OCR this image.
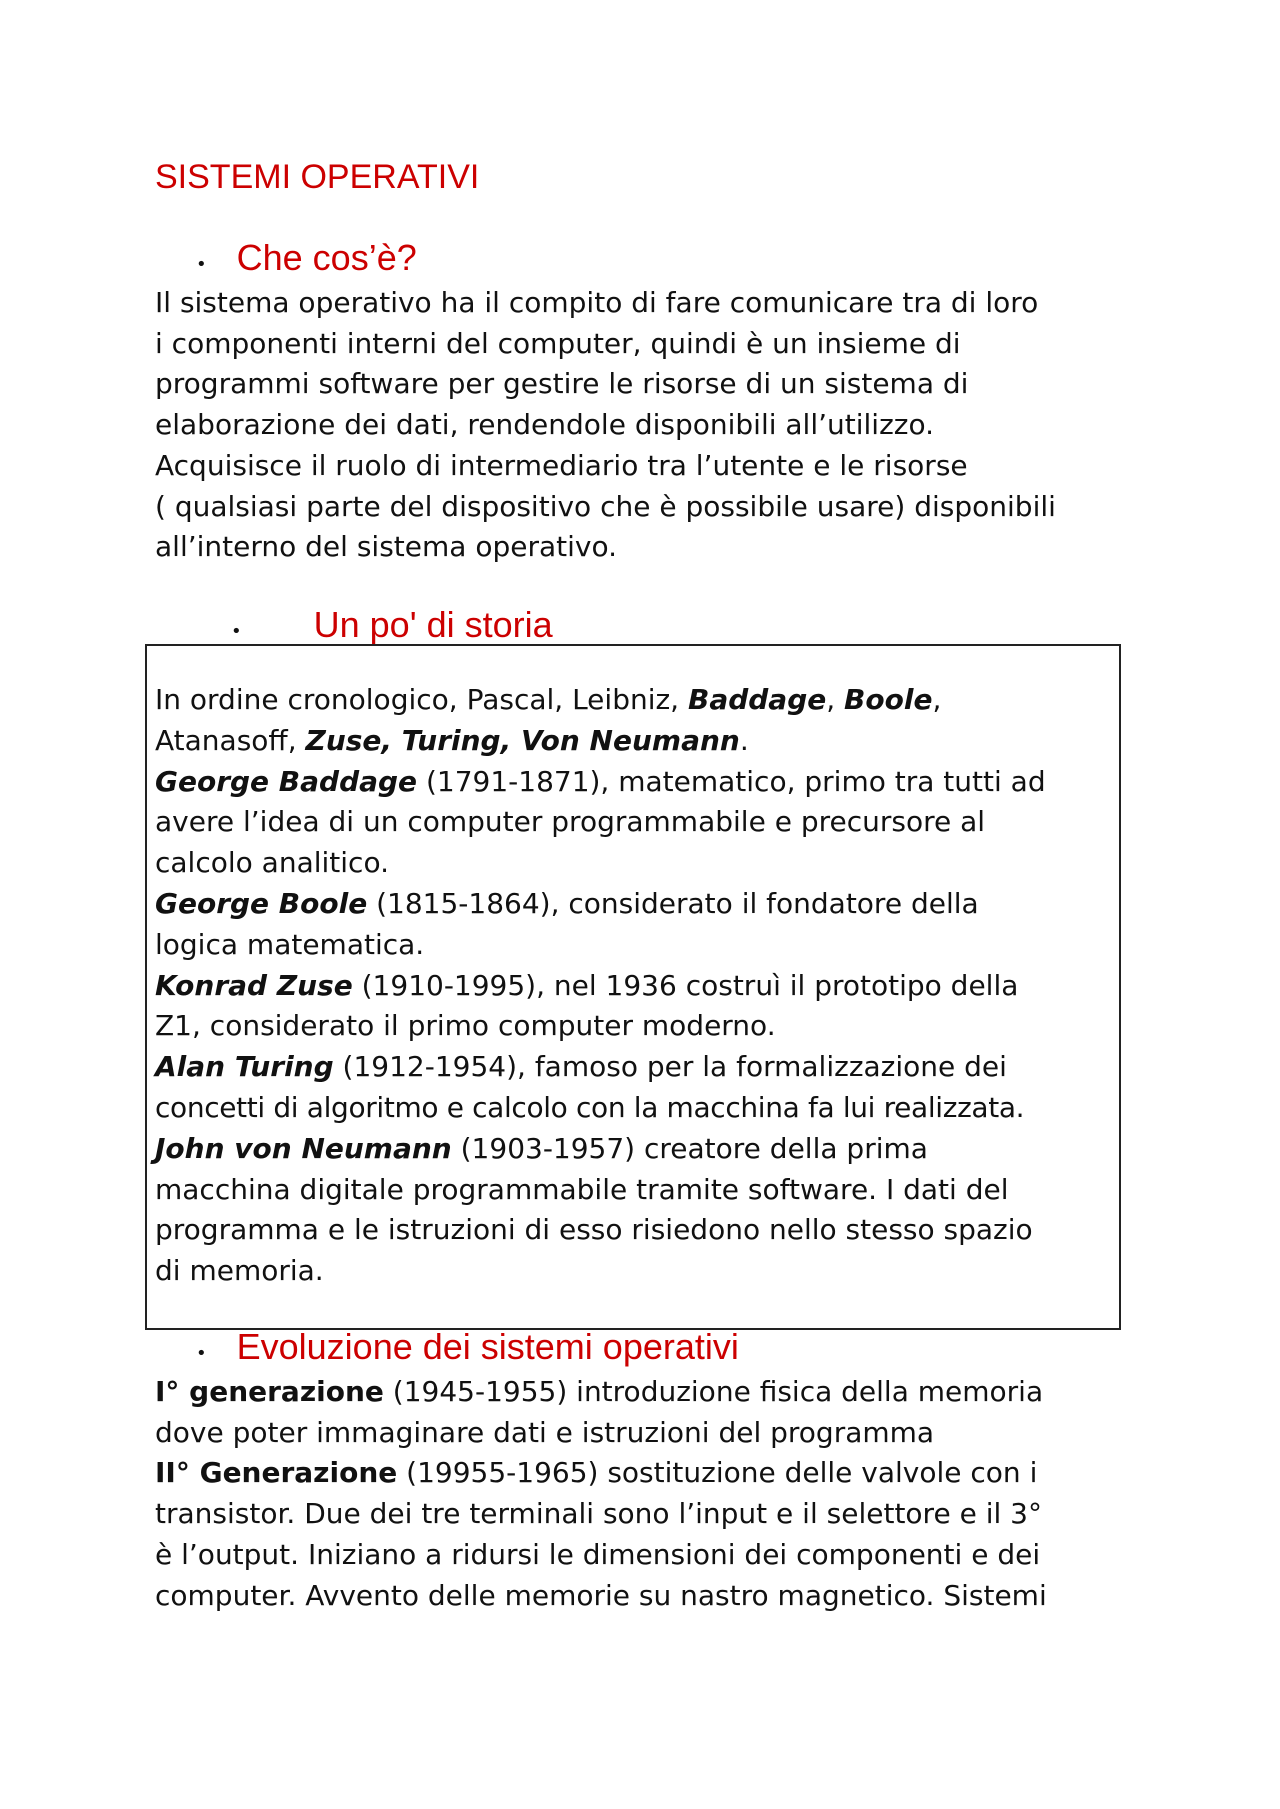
SISTEMI OPERATIVI
• Che cos’è?
Il sistema operativo ha il compito di fare comunicare tra di loro
i componenti interni del computer, quindi è un insieme di
programmi software per gestire le risorse di un sistema di
elaborazione dei dati, rendendole disponibili all’utilizzo.
Acquisisce il ruolo di intermediario tra l’utente e le risorse
( qualsiasi parte del dispositivo che è possibile usare) disponibili
all’interno del sistema operativo.
• Un po' di storia
In ordine cronologico, Pascal, Leibniz, Baddage, Boole,
Atanasoff, Zuse, Turing, Von Neumann.
George Baddage (1791-1871), matematico, primo tra tutti ad
avere l’idea di un computer programmabile e precursore al
calcolo analitico.
George Boole (1815-1864), considerato il fondatore della
logica matematica.
Konrad Zuse (1910-1995), nel 1936 costruì il prototipo della
Z1, considerato il primo computer moderno.
Alan Turing (1912-1954), famoso per la formalizzazione dei
concetti di algoritmo e calcolo con la macchina fa lui realizzata.
John von Neumann (1903-1957) creatore della prima
macchina digitale programmabile tramite software. I dati del
programma e le istruzioni di esso risiedono nello stesso spazio
di memoria.
• Evoluzione dei sistemi operativi
I° generazione (1945-1955) introduzione fisica della memoria
dove poter immaginare dati e istruzioni del programma
II° Generazione (19955-1965) sostituzione delle valvole con i
transistor. Due dei tre terminali sono l’input e il selettore e il 3°
è l’output. Iniziano a ridursi le dimensioni dei componenti e dei
computer. Avvento delle memorie su nastro magnetico. Sistemi
